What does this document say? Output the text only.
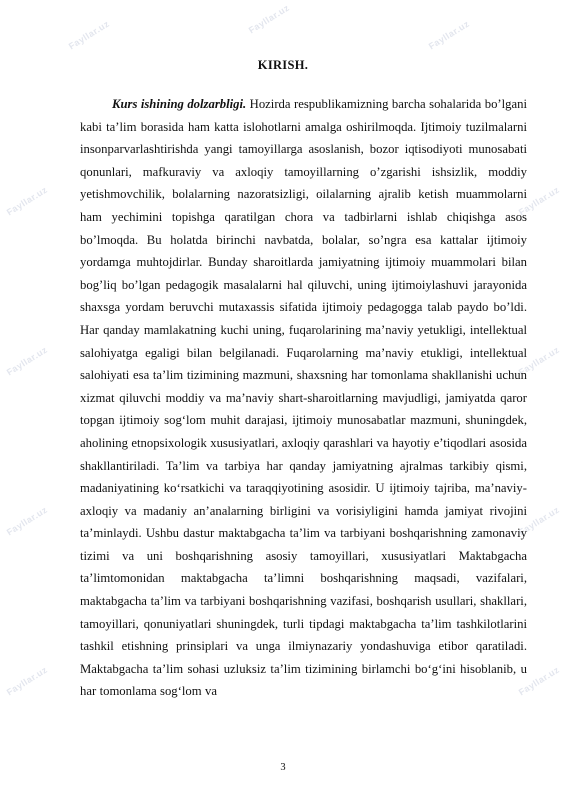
Fayllar.uz	Fayllar.uz	Fayllar.uz
Fayllar.uz	Fayllar.uz
Fayllar.uz	Fayllar.uz
Fayllar.uz	Fayllar.uz
Fayllar.uz	Fayllar.uz
KIRISH.

Kurs ishining dolzarbligi. Hozirda respublikamizning barcha sohalarida bo’lgani kabi ta’lim borasida ham katta islohotlarni amalga oshirilmoqda. Ijtimoiy tuzilmalarni insonparvarlashtirishda yangi tamoyillarga asoslanish, bozor iqtisodiyoti munosabati qonunlari, mafkuraviy va axloqiy tamoyillarning o’zgarishi ishsizlik, moddiy yetishmovchilik, bolalarning nazoratsizligi, oilalarning ajralib ketish muammolarni ham yechimini topishga qaratilgan chora va tadbirlarni ishlab chiqishga asos bo’lmoqda. Bu holatda birinchi navbatda, bolalar, so’ngra esa kattalar ijtimoiy yordamga muhtojdirlar. Bunday sharoitlarda jamiyatning ijtimoiy muammolari bilan bog’liq bo’lgan pedagogik masalalarni hal qiluvchi, uning ijtimoiylashuvi jarayonida shaxsga yordam beruvchi mutaxassis sifatida ijtimoiy pedagogga talab paydo bo’ldi. Har qanday mamlakatning kuchi uning, fuqarolarining ma’naviy yetukligi, intellektual salohiyatga egaligi bilan belgilanadi. Fuqarolarning ma’naviy etukligi, intellektual salohiyati esa ta’lim tizimining mazmuni, shaxsning har tomonlama shakllanishi uchun xizmat qiluvchi moddiy va ma’naviy shart-sharoitlarning mavjudligi, jamiyatda qaror topgan ijtimoiy sog‘lom muhit darajasi, ijtimoiy munosabatlar mazmuni, shuningdek, aholining etnopsixologik xususiyatlari, axloqiy qarashlari va hayotiy e’tiqodlari asosida shakllantiriladi. Ta’lim va tarbiya har qanday jamiyatning ajralmas tarkibiy qismi, madaniyatining ko‘rsatkichi va taraqqiyotining asosidir. U ijtimoiy tajriba, ma’naviy-axloqiy va madaniy an’analarning birligini va vorisiyligini hamda jamiyat rivojini ta’minlaydi. Ushbu dastur maktabgacha ta’lim va tarbiyani boshqarishning zamonaviy tizimi va uni boshqarishning asosiy tamoyillari, xususiyatlari Maktabgacha ta’limtomonidan maktabgacha ta’limni boshqarishning maqsadi, vazifalari, maktabgacha ta’lim va tarbiyani boshqarishning vazifasi, boshqarish usullari, shakllari, tamoyillari, qonuniyatlari shuningdek, turli tipdagi maktabgacha ta’lim tashkilotlarini tashkil etishning prinsiplari va unga ilmiynazariy yondashuviga etibor qaratiladi. Maktabgacha ta’lim sohasi uzluksiz ta’lim tizimining birlamchi bo‘g‘ini hisoblanib, u har tomonlama sog‘lom va

3
